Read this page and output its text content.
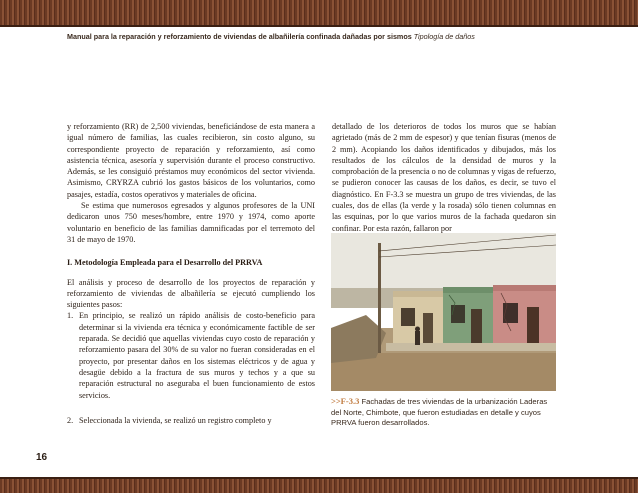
Manual para la reparación y reforzamiento de viviendas de albañilería confinada dañadas por sismos Tipología de daños

y reforzamiento (RR) de 2,500 viviendas, beneficiándose de esta manera a igual número de familias, las cuales recibieron, sin costo alguno, su correspondiente proyecto de reparación y reforzamiento, así como asistencia técnica, asesoría y supervisión durante el proceso constructivo. Además, se les consiguió préstamos muy económicos del sector vivienda. Asimismo, CRYRZA cubrió los gastos básicos de los voluntarios, como pasajes, estadía, costos operativos y materiales de oficina.

Se estima que numerosos egresados y algunos profesores de la UNI dedicaron unos 750 meses/hombre, entre 1970 y 1974, como aporte voluntario en beneficio de las familias damnificadas por el terremoto del 31 de mayo de 1970.

I. Metodología Empleada para el Desarrollo del PRRVA

El análisis y proceso de desarrollo de los proyectos de reparación y reforzamiento de viviendas de albañilería se ejecutó cumpliendo los siguientes pasos:

1. En principio, se realizó un rápido análisis de costo-beneficio para determinar si la vivienda era técnica y económicamente factible de ser reparada. Se decidió que aquellas viviendas cuyo costo de reparación y reforzamiento pasara del 30% de su valor no fueran consideradas en el proyecto, por presentar daños en los sistemas eléctricos y de agua y desagüe debido a la fractura de sus muros y techos y a que su reparación estructural no aseguraba el buen funcionamiento de estos servicios.
2. Seleccionada la vivienda, se realizó un registro completo y

detallado de los deterioros de todos los muros que se habían agrietado (más de 2 mm de espesor) y que tenían fisuras (menos de 2 mm). Acopiando los daños identificados y dibujados, más los resultados de los cálculos de la densidad de muros y la comprobación de la presencia o no de columnas y vigas de refuerzo, se pudieron conocer las causas de los daños, es decir, se tuvo el diagnóstico. En F-3.3 se muestra un grupo de tres viviendas, de las cuales, dos de ellas (la verde y la rosada) sólo tienen columnas en las esquinas, por lo que varios muros de la fachada quedaron sin confinar. Por esta razón, fallaron por

>>F-3.3 Fachadas de tres viviendas de la urbanización Laderas del Norte, Chimbote, que fueron estudiadas en detalle y cuyos PRRVA fueron desarrollados.
16
